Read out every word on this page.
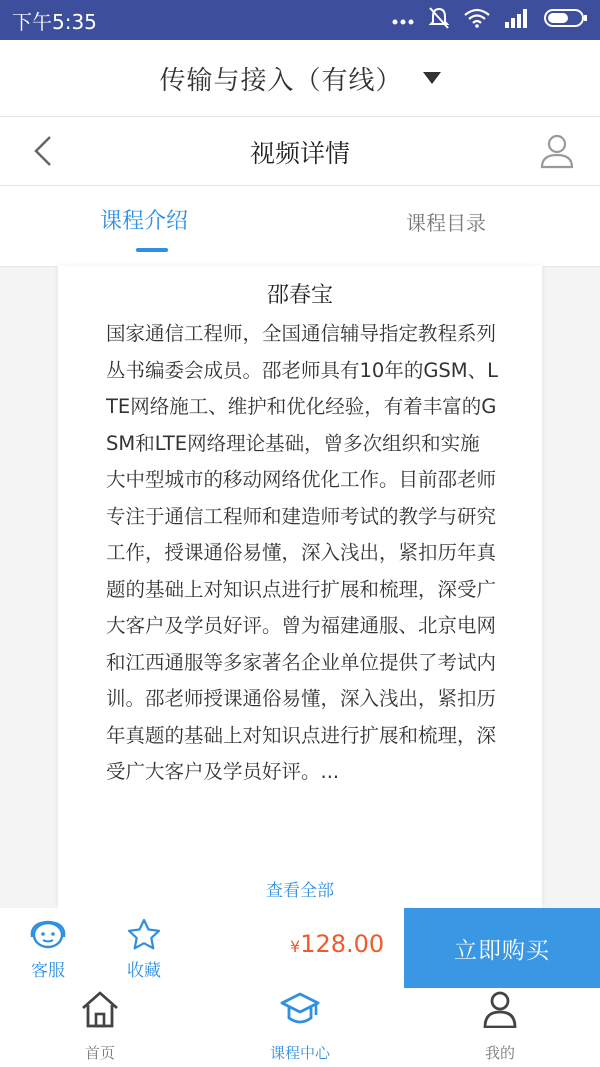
下午5:35
传输与接入（有线）
视频详情
课程介绍	课程目录
邵春宝

国家通信工程师，全国通信辅导指定教程系列丛书编委会成员。邵老师具有10年的GSM、LTE网络施工、维护和优化经验，有着丰富的GSM和LTE网络理论基础，曾多次组织和实施大中型城市的移动网络优化工作。目前邵老师专注于通信工程师和建造师考试的教学与研究工作，授课通俗易懂，深入浅出，紧扣历年真题的基础上对知识点进行扩展和梳理，深受广大客户及学员好评。曾为福建通服、北京电网和江西通服等多家著名企业单位提供了考试内训。邵老师授课通俗易懂，深入浅出，紧扣历年真题的基础上对知识点进行扩展和梳理，深受广大客户及学员好评。...

查看全部
客服	收藏
¥128.00	立即购买
首页	课程中心	我的
